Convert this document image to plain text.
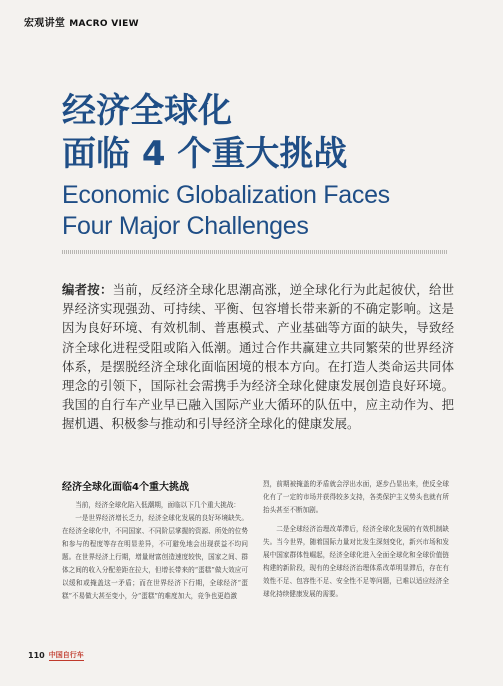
宏观讲堂 MACRO VIEW
经济全球化
面临 4 个重大挑战
Economic Globalization Faces
Four Major Challenges
编者按：当前，反经济全球化思潮高涨，逆全球化行为此起彼伏，给世界经济实现强劲、可持续、平衡、包容增长带来新的不确定影响。这是因为良好环境、有效机制、普惠模式、产业基础等方面的缺失，导致经济全球化进程受阻或陷入低潮。通过合作共赢建立共同繁荣的世界经济体系，是摆脱经济全球化面临困境的根本方向。在打造人类命运共同体理念的引领下，国际社会需携手为经济全球化健康发展创造良好环境。我国的自行车产业早已融入国际产业大循环的队伍中，应主动作为、把握机遇、积极参与推动和引导经济全球化的健康发展。
经济全球化面临4个重大挑战

当前，经济全球化陷入低潮期，面临以下几个重大挑战：

一是世界经济增长乏力，经济全球化发展的良好环境缺失。在经济全球化中，不同国家、不同阶层掌握的资源、所处的位势和参与的程度等存在明显差异，不可避免地会出现获益不均问题。在世界经济上行期，增量财富创造速度较快，国家之间、群体之间的收入分配差距在拉大，但增长带来的“蛋糕”做大效应可以缓和或掩盖这一矛盾；而在世界经济下行期，全球经济“蛋糕”不易做大甚至变小，分“蛋糕”的难度加大，竞争也更趋激

烈，前期被掩盖的矛盾就会浮出水面，逐步凸显出来，使反全球化有了一定的市场并获得较多支持，各类保护主义势头也就有所抬头甚至不断加剧。

二是全球经济治理改革滞后，经济全球化发展的有效机制缺失。当今世界，随着国际力量对比发生深刻变化，新兴市场和发展中国家群体性崛起，经济全球化进入全面全球化和全球价值链构建的新阶段，现有的全球经济治理体系改革明显滞后，存在有效性不足、包容性不足、安全性不足等问题，已难以适应经济全球化持续健康发展的需要。

110 中国自行车
